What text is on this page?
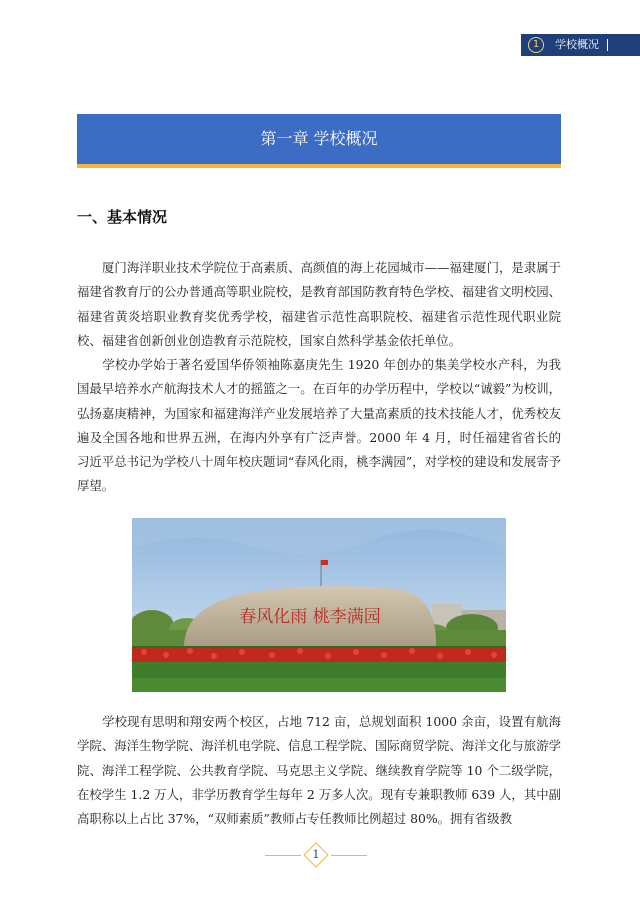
1	学校概况
第一章 学校概况
一、基本情况

厦门海洋职业技术学院位于高素质、高颜值的海上花园城市——福建厦门，是隶属于福建省教育厅的公办普通高等职业院校，是教育部国防教育特色学校、福建省文明校园、福建省黄炎培职业教育奖优秀学校，福建省示范性高职院校、福建省示范性现代职业院校、福建省创新创业创造教育示范院校，国家自然科学基金依托单位。

学校办学始于著名爱国华侨领袖陈嘉庚先生 1920 年创办的集美学校水产科，为我国最早培养水产航海技术人才的摇篮之一。在百年的办学历程中，学校以“诚毅”为校训，弘扬嘉庚精神，为国家和福建海洋产业发展培养了大量高素质的技术技能人才，优秀校友遍及全国各地和世界五洲，在海内外享有广泛声誉。2000 年 4 月，时任福建省省长的习近平总书记为学校八十周年校庆题词“春风化雨，桃李满园”，对学校的建设和发展寄予厚望。

春风化雨 桃李满园

学校现有思明和翔安两个校区，占地 712 亩，总规划面积 1000 余亩，设置有航海学院、海洋生物学院、海洋机电学院、信息工程学院、国际商贸学院、海洋文化与旅游学院、海洋工程学院、公共教育学院、马克思主义学院、继续教育学院等 10 个二级学院，在校学生 1.2 万人，非学历教育学生每年 2 万多人次。现有专兼职教师 639 人，其中副高职称以上占比 37%，“双师素质”教师占专任教师比例超过 80%。拥有省级教

1
